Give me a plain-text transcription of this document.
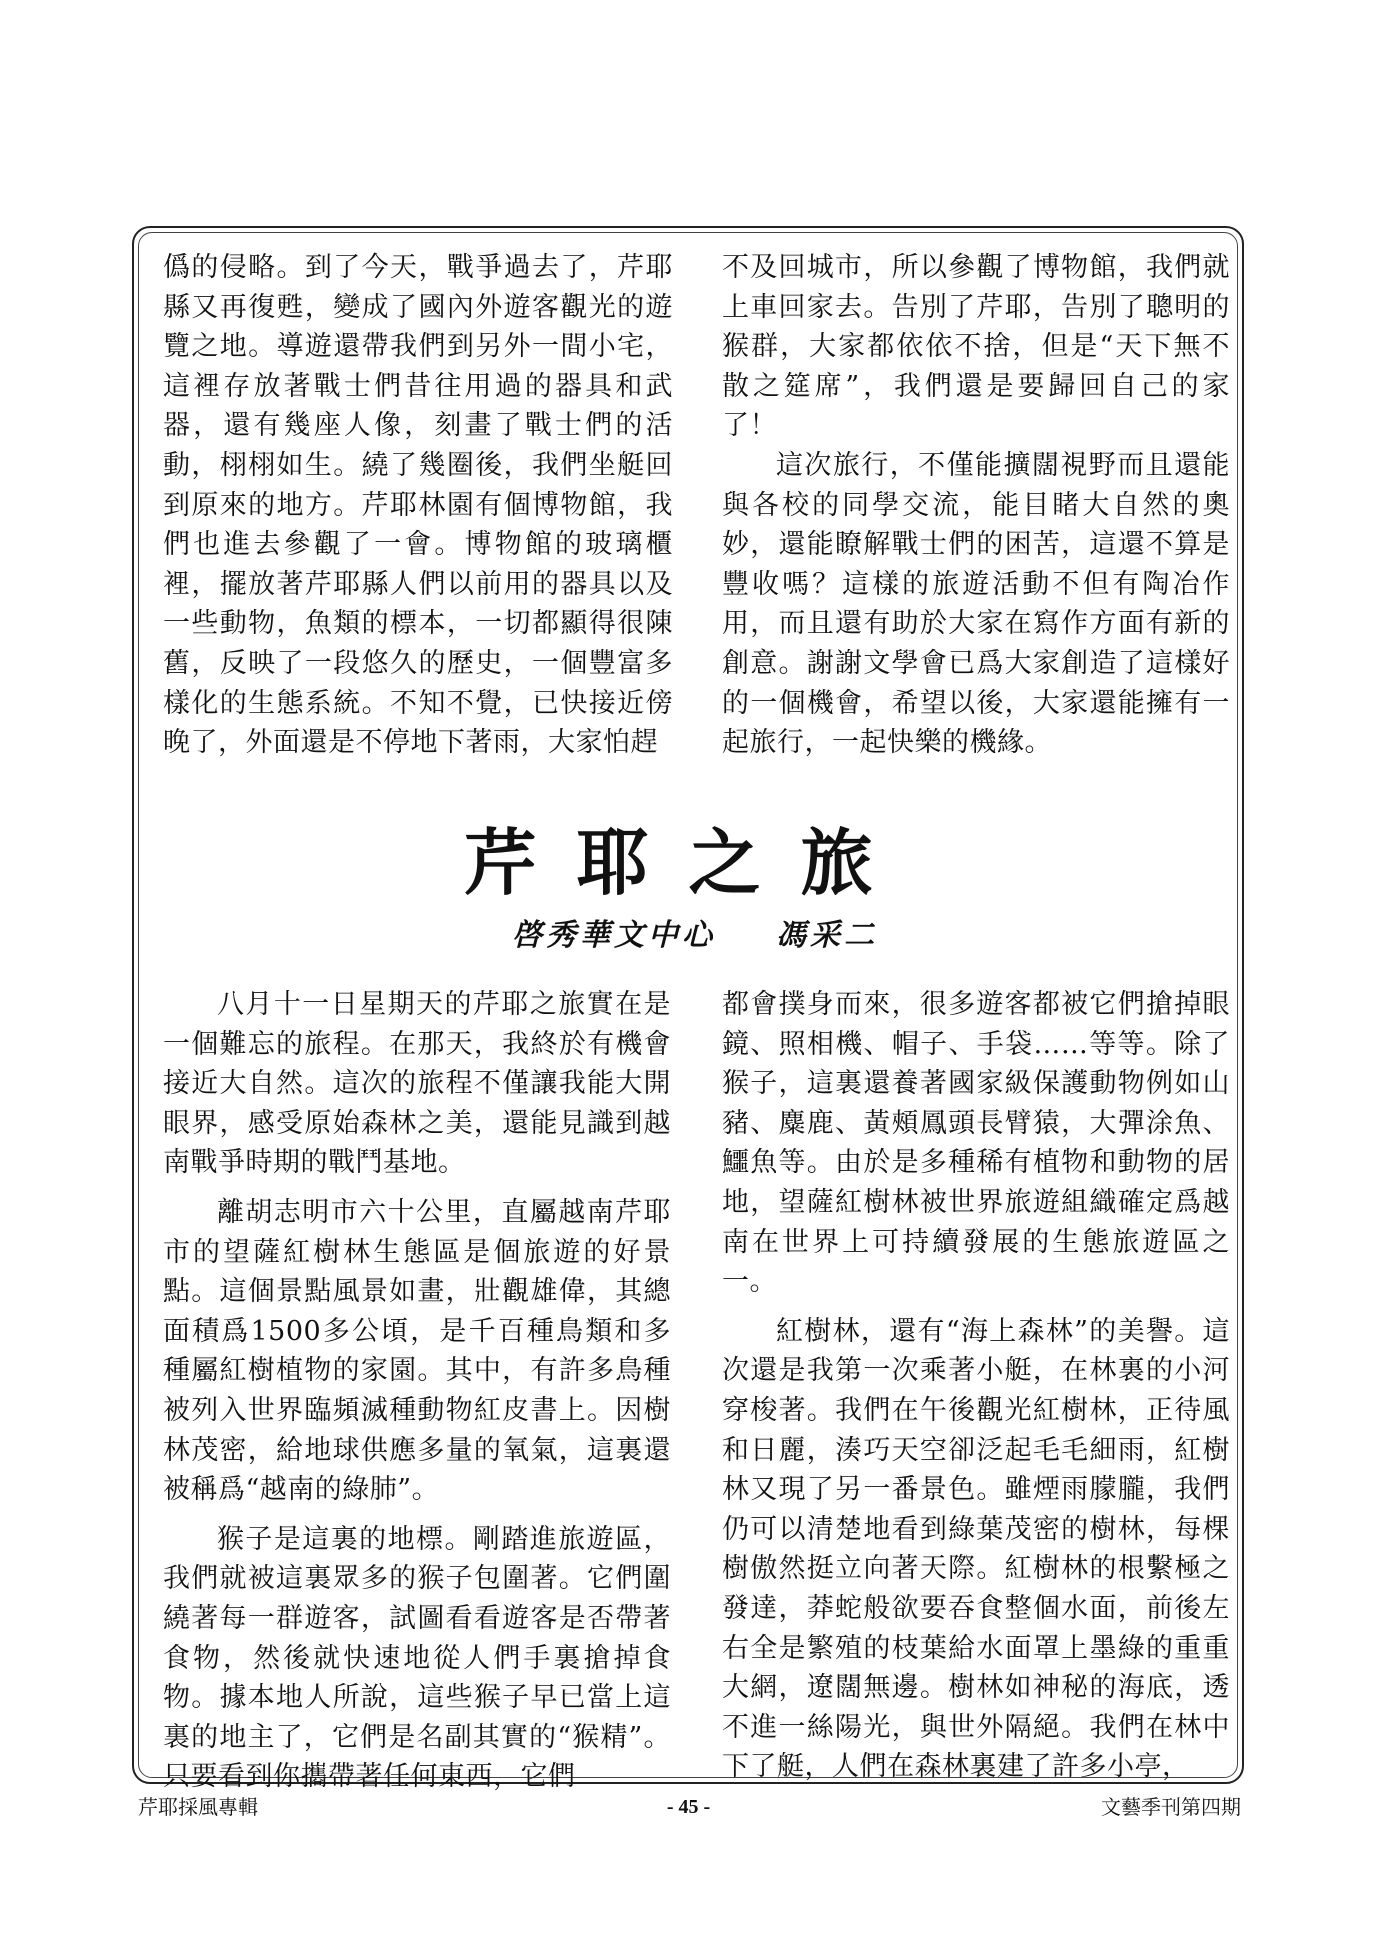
僞的侵略。到了今天，戰爭過去了，芹耶縣又再復甦，變成了國內外遊客觀光的遊覽之地。導遊還帶我們到另外一間小宅，這裡存放著戰士們昔往用過的器具和武器，還有幾座人像，刻畫了戰士們的活動，栩栩如生。繞了幾圈後，我們坐艇回到原來的地方。芹耶林園有個博物館，我們也進去參觀了一會。博物館的玻璃櫃裡，擺放著芹耶縣人們以前用的器具以及一些動物，魚類的標本，一切都顯得很陳舊，反映了一段悠久的歷史，一個豐富多樣化的生態系統。不知不覺，已快接近傍晚了，外面還是不停地下著雨，大家怕趕

不及回城市，所以參觀了博物館，我們就上車回家去。告別了芹耶，告別了聰明的猴群，大家都依依不捨，但是“天下無不散之筵席”，我們還是要歸回自己的家了！

這次旅行，不僅能擴闊視野而且還能與各校的同學交流，能目睹大自然的奧妙，還能瞭解戰士們的困苦，這還不算是豐收嗎？這樣的旅遊活動不但有陶冶作用，而且還有助於大家在寫作方面有新的創意。謝謝文學會已爲大家創造了這樣好的一個機會，希望以後，大家還能擁有一起旅行，一起快樂的機緣。

芹耶之旅
啓秀華文中心 馮采二

八月十一日星期天的芹耶之旅實在是一個難忘的旅程。在那天，我終於有機會接近大自然。這次的旅程不僅讓我能大開眼界，感受原始森林之美，還能見識到越南戰爭時期的戰鬥基地。

離胡志明市六十公里，直屬越南芹耶市的望薩紅樹林生態區是個旅遊的好景點。這個景點風景如畫，壯觀雄偉，其總面積爲1500多公頃，是千百種鳥類和多種屬紅樹植物的家園。其中，有許多鳥種被列入世界臨頻滅種動物紅皮書上。因樹林茂密，給地球供應多量的氧氣，這裏還被稱爲“越南的綠肺”。

猴子是這裏的地標。剛踏進旅遊區，我們就被這裏眾多的猴子包圍著。它們圍繞著每一群遊客，試圖看看遊客是否帶著食物，然後就快速地從人們手裏搶掉食物。據本地人所說，這些猴子早已當上這裏的地主了，它們是名副其實的“猴精”。只要看到你攜帶著任何東西，它們

都會撲身而來，很多遊客都被它們搶掉眼鏡、照相機、帽子、手袋……等等。除了猴子，這裏還養著國家級保護動物例如山豬、麋鹿、黃頰鳳頭長臂猿，大彈涂魚、鱷魚等。由於是多種稀有植物和動物的居地，望薩紅樹林被世界旅遊組織確定爲越南在世界上可持續發展的生態旅遊區之一。

紅樹林，還有“海上森林”的美譽。這次還是我第一次乘著小艇，在林裏的小河穿梭著。我們在午後觀光紅樹林，正待風和日麗，湊巧天空卻泛起毛毛細雨，紅樹林又現了另一番景色。雖煙雨朦朧，我們仍可以清楚地看到綠葉茂密的樹林，每棵樹傲然挺立向著天際。紅樹林的根繫極之發達，莽蛇般欲要吞食整個水面，前後左右全是繁殖的枝葉給水面罩上墨綠的重重大網，遼闊無邊。樹林如神秘的海底，透不進一絲陽光，與世外隔絕。我們在林中下了艇，人們在森林裏建了許多小亭，

芹耶採風專輯	- 45 -	文藝季刊第四期
